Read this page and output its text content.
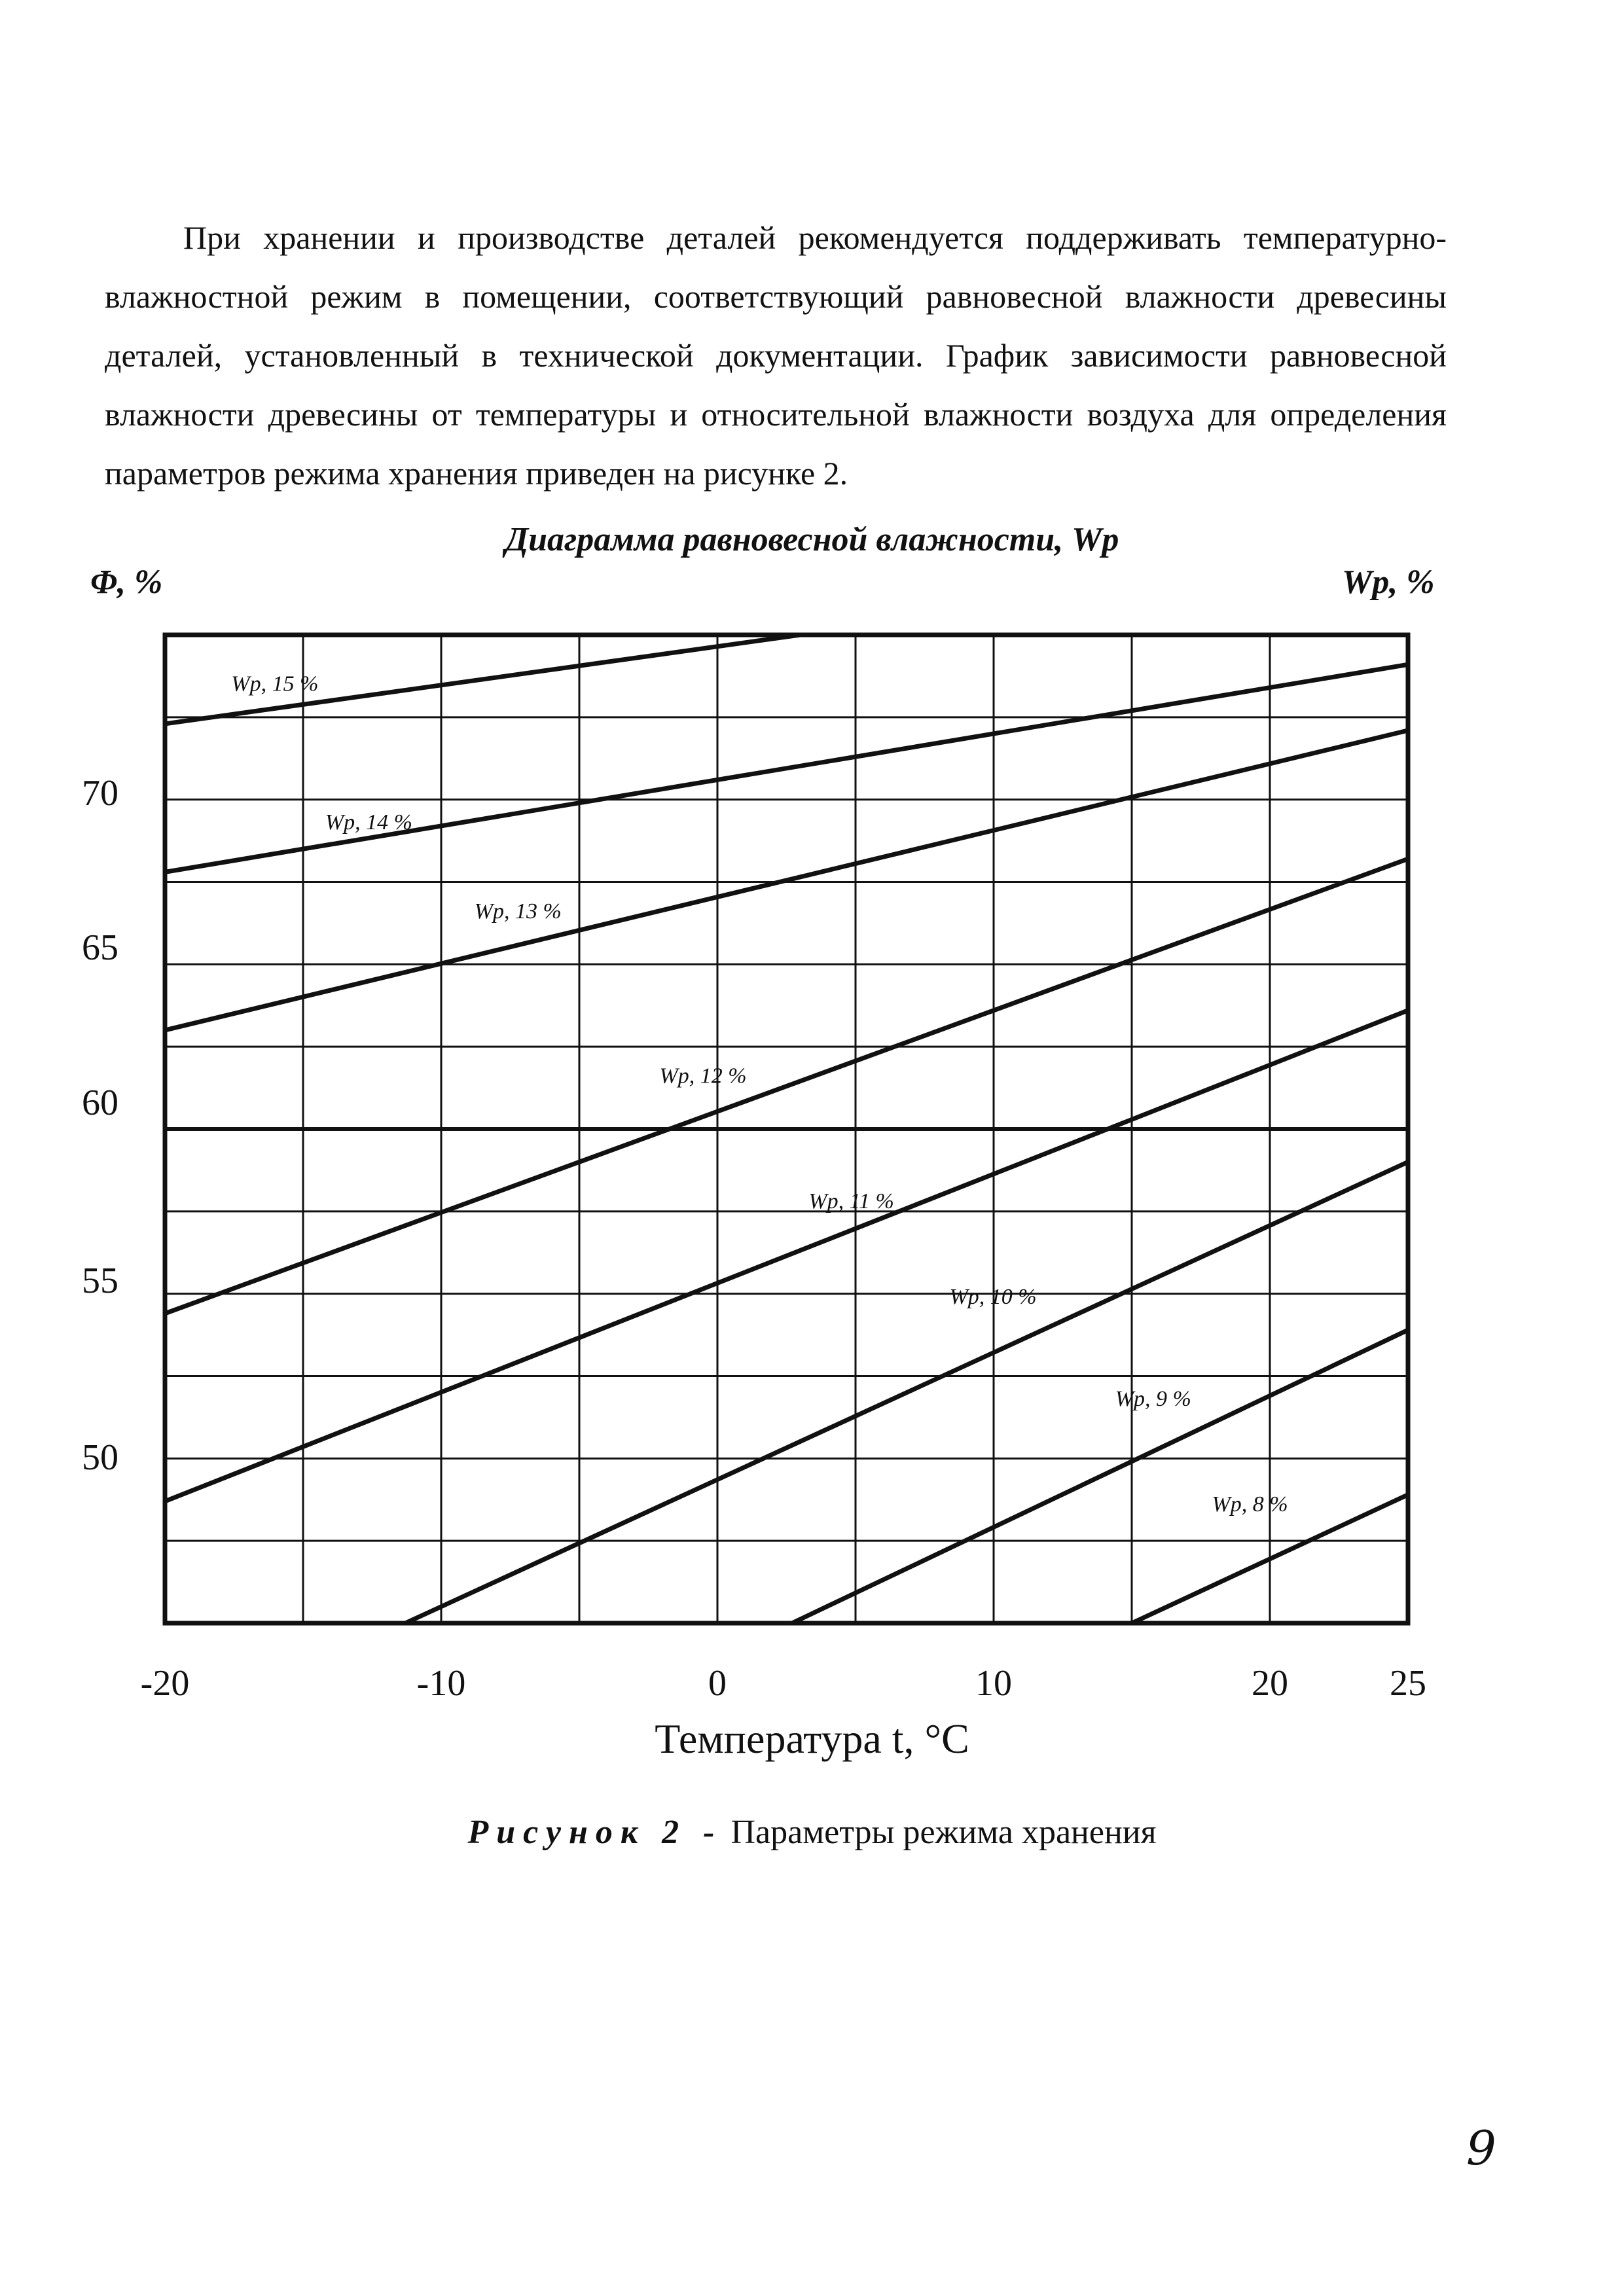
При хранении и производстве деталей рекомендуется поддерживать температурно-влажностной режим в помещении, соответствующий равновесной влажности древесины деталей, установленный в технической документации. График зависимости равновесной влажности древесины от температуры и относительной влажности воздуха для определения параметров режима хранения приведен на рисунке 2.

Диаграмма равновесной влажности, Wp
Φ, %	Wp, %
Wp, 15 %
Wp, 14 %
Wp, 13 %
Wp, 12 %
Wp, 11 %
Wp, 10 %
Wp, 9 %
Wp, 8 %
-20	-10	0	10	20	25
50
55
60
65
70
Температура t, °C
Рисунок 2 - Параметры режима хранения
9
